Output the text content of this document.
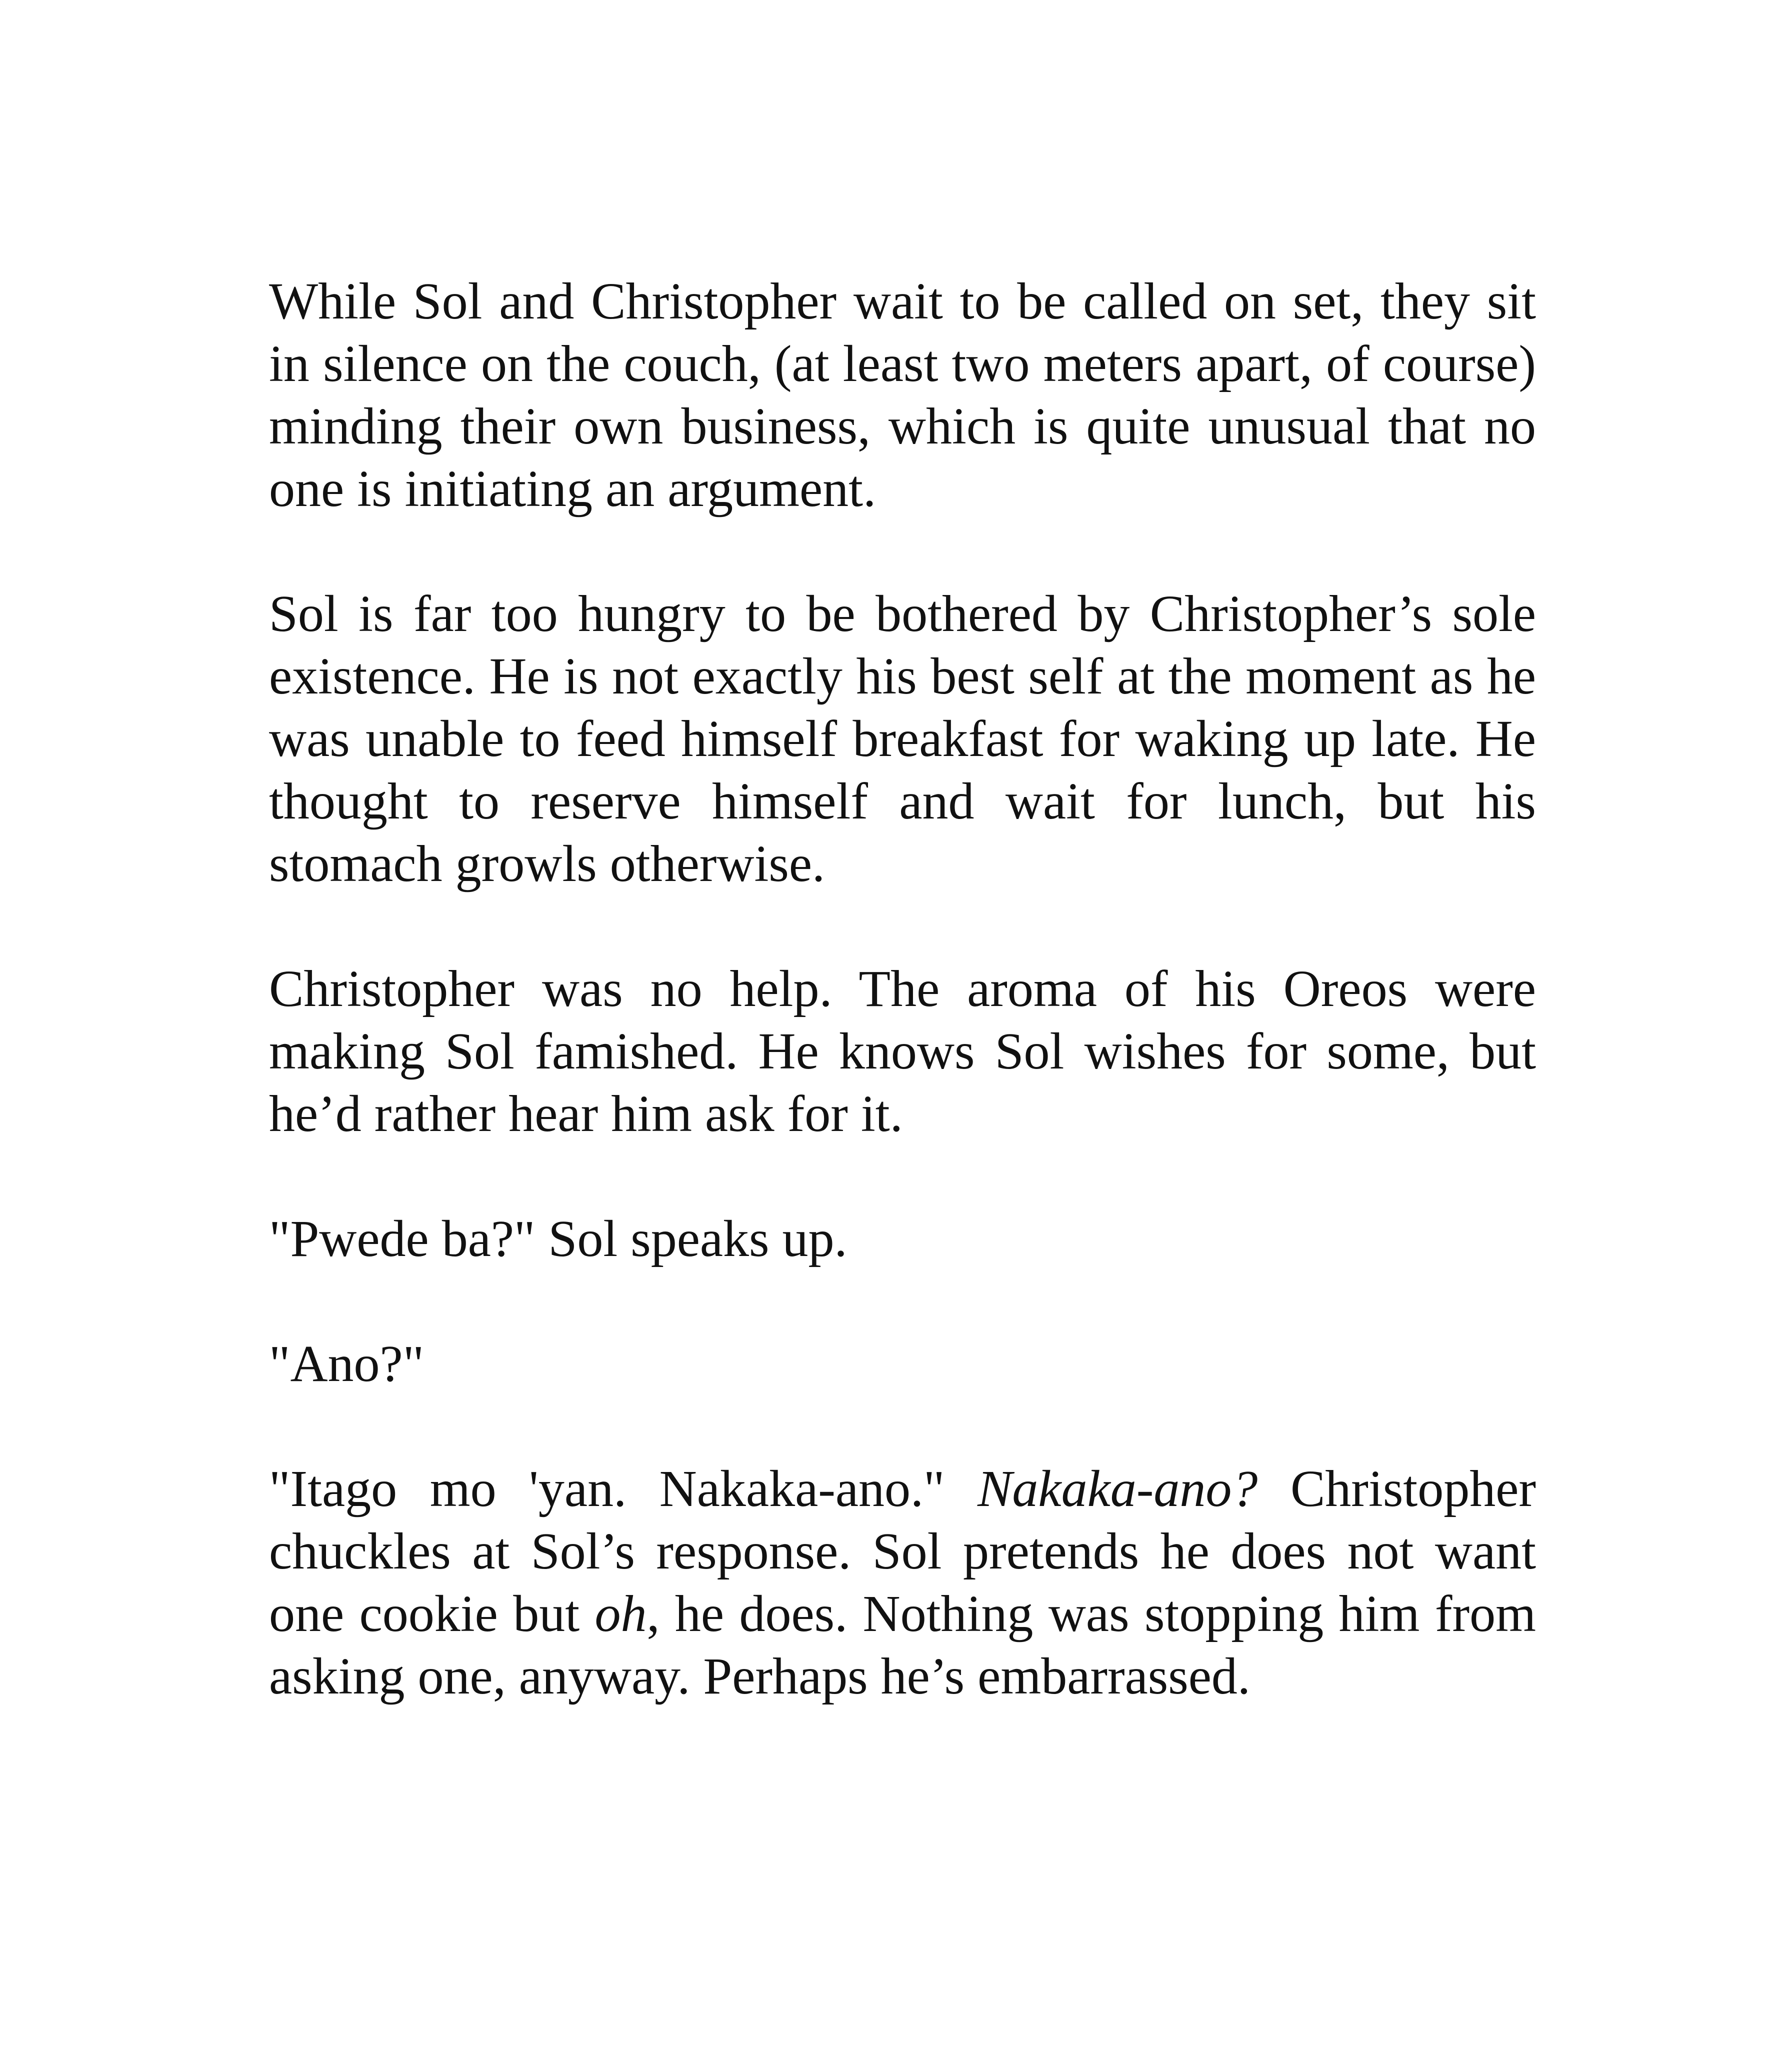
While Sol and Christopher wait to be called on set, they sit in silence on the couch, (at least two meters apart, of course) minding their own business, which is quite unusual that no one is initiating an argument.

Sol is far too hungry to be bothered by Christopher’s sole existence. He is not exactly his best self at the moment as he was unable to feed himself breakfast for waking up late. He thought to reserve himself and wait for lunch, but his stomach growls otherwise.

Christopher was no help. The aroma of his Oreos were making Sol famished. He knows Sol wishes for some, but he’d rather hear him ask for it.

"Pwede ba?" Sol speaks up.

"Ano?"

"Itago mo 'yan. Nakaka-ano." Nakaka-ano? Christopher chuckles at Sol’s response. Sol pretends he does not want one cookie but oh, he does. Nothing was stopping him from asking one, anyway. Perhaps he’s embarrassed.
